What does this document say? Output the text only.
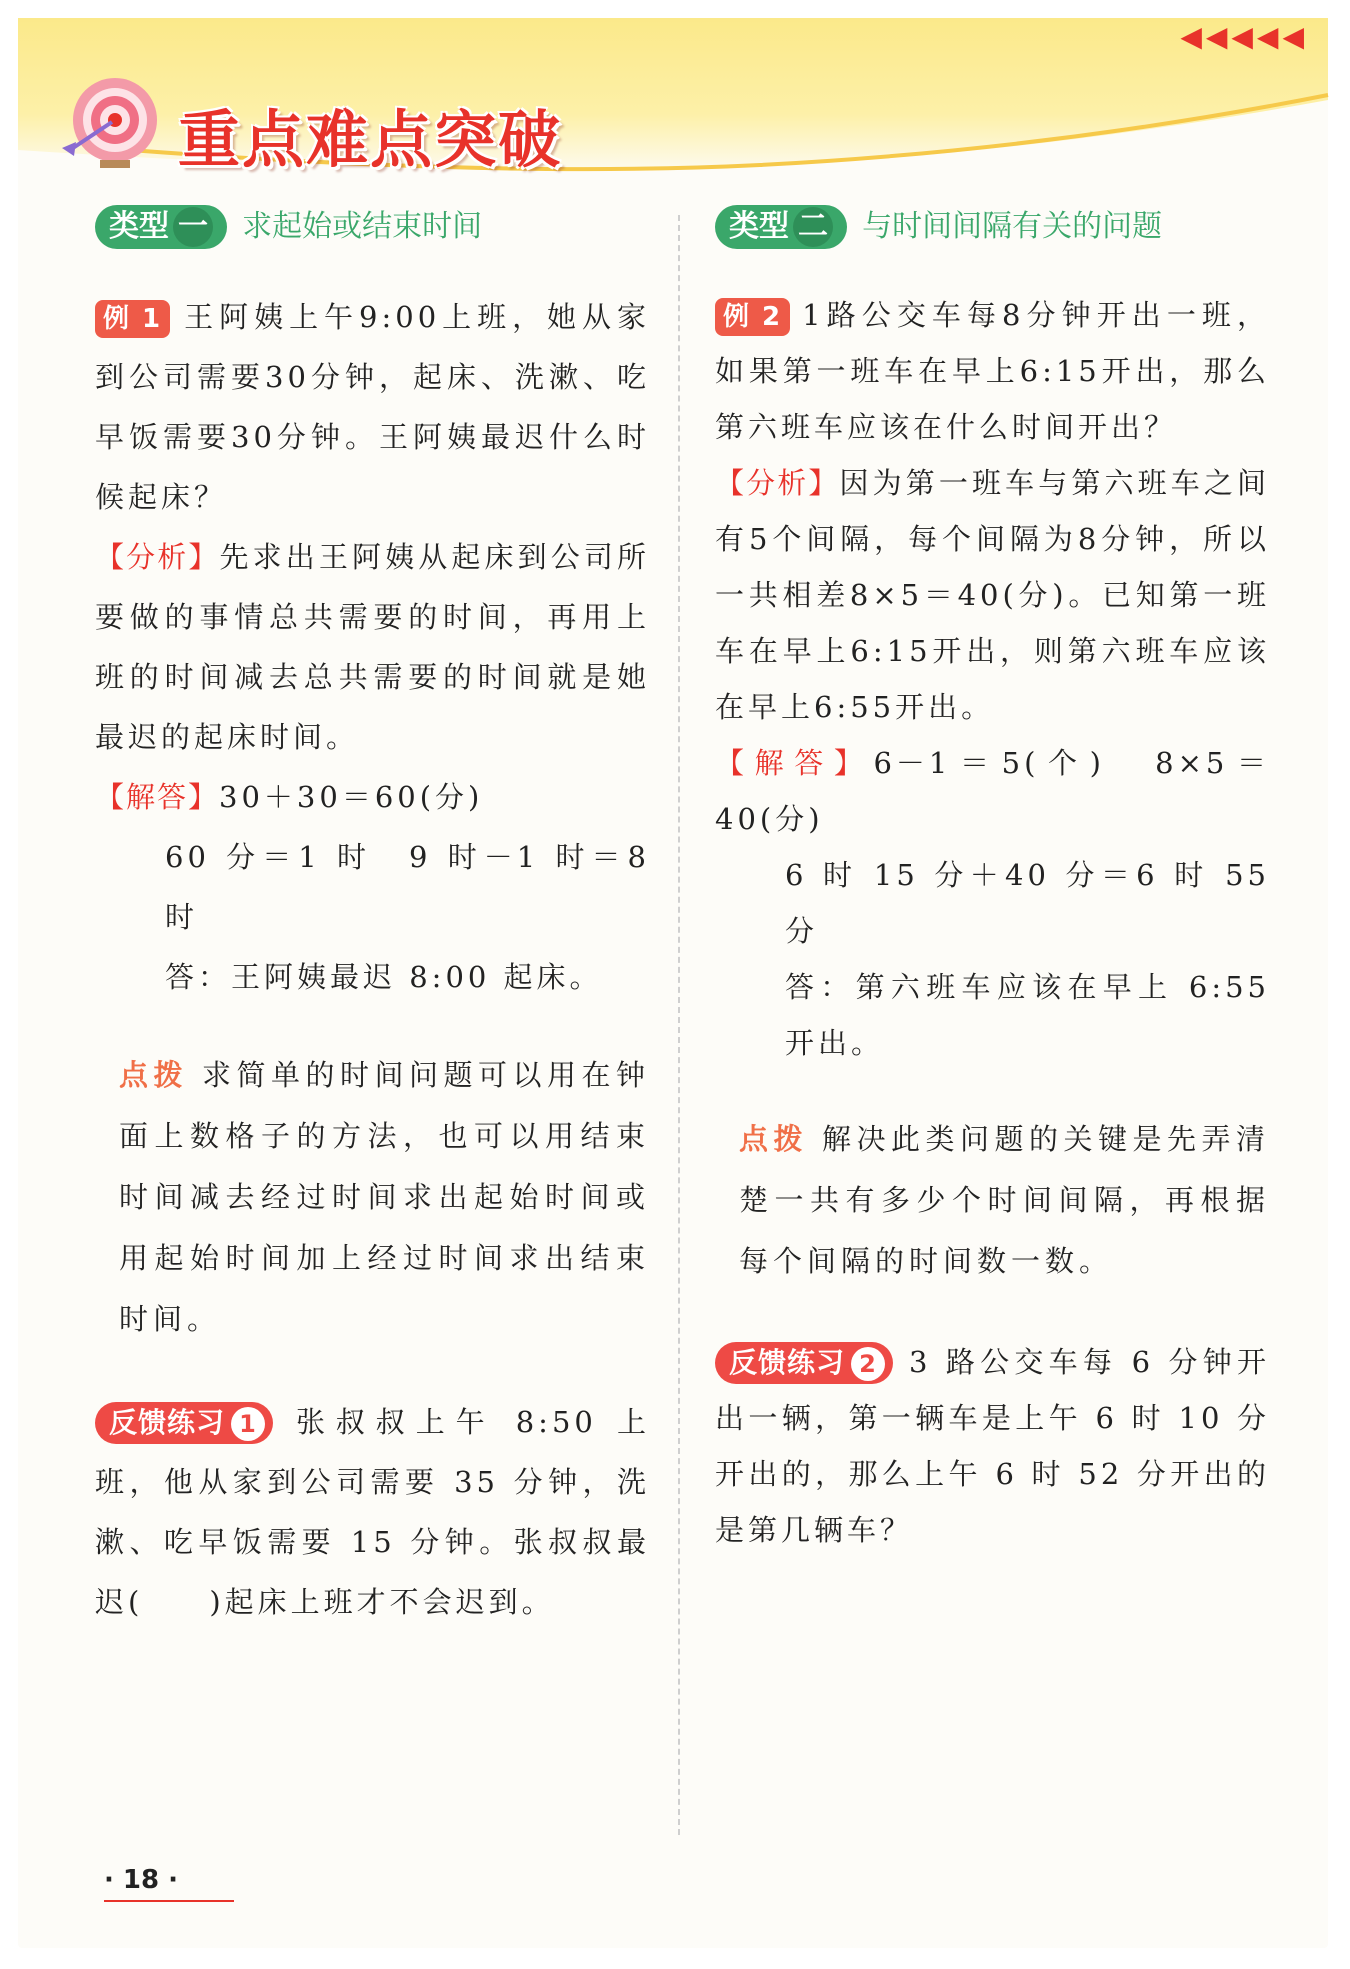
重点难点突破
◀◀◀◀◀
类型 一 求起始或结束时间

例 1 王阿姨上午9:00上班，她从家到公司需要30分钟，起床、洗漱、吃早饭需要30分钟。王阿姨最迟什么时候起床？

【分析】先求出王阿姨从起床到公司所要做的事情总共需要的时间，再用上班的时间减去总共需要的时间就是她最迟的起床时间。

【解答】30＋30＝60(分)

60 分＝1 时　9 时－1 时＝8 时

答：王阿姨最迟 8:00 起床。

点拨 求简单的时间问题可以用在钟面上数格子的方法，也可以用结束时间减去经过时间求出起始时间或用起始时间加上经过时间求出结束时间。

反馈练习 1 张叔叔上午 8:50 上班，他从家到公司需要 35 分钟，洗漱、吃早饭需要 15 分钟。张叔叔最迟(　　)起床上班才不会迟到。

类型 二 与时间间隔有关的问题

例 2 1路公交车每8分钟开出一班，如果第一班车在早上6:15开出，那么第六班车应该在什么时间开出？

【分析】因为第一班车与第六班车之间有5个间隔，每个间隔为8分钟，所以一共相差8×5＝40(分)。已知第一班车在早上6:15开出，则第六班车应该在早上6:55开出。

【解答】6－1＝5(个)　8×5＝40(分)

6 时 15 分＋40 分＝6 时 55 分

答：第六班车应该在早上 6:55 开出。

点拨 解决此类问题的关键是先弄清楚一共有多少个时间间隔，再根据每个间隔的时间数一数。

反馈练习 2 3 路公交车每 6 分钟开出一辆，第一辆车是上午 6 时 10 分开出的，那么上午 6 时 52 分开出的是第几辆车？

· 18 ·
